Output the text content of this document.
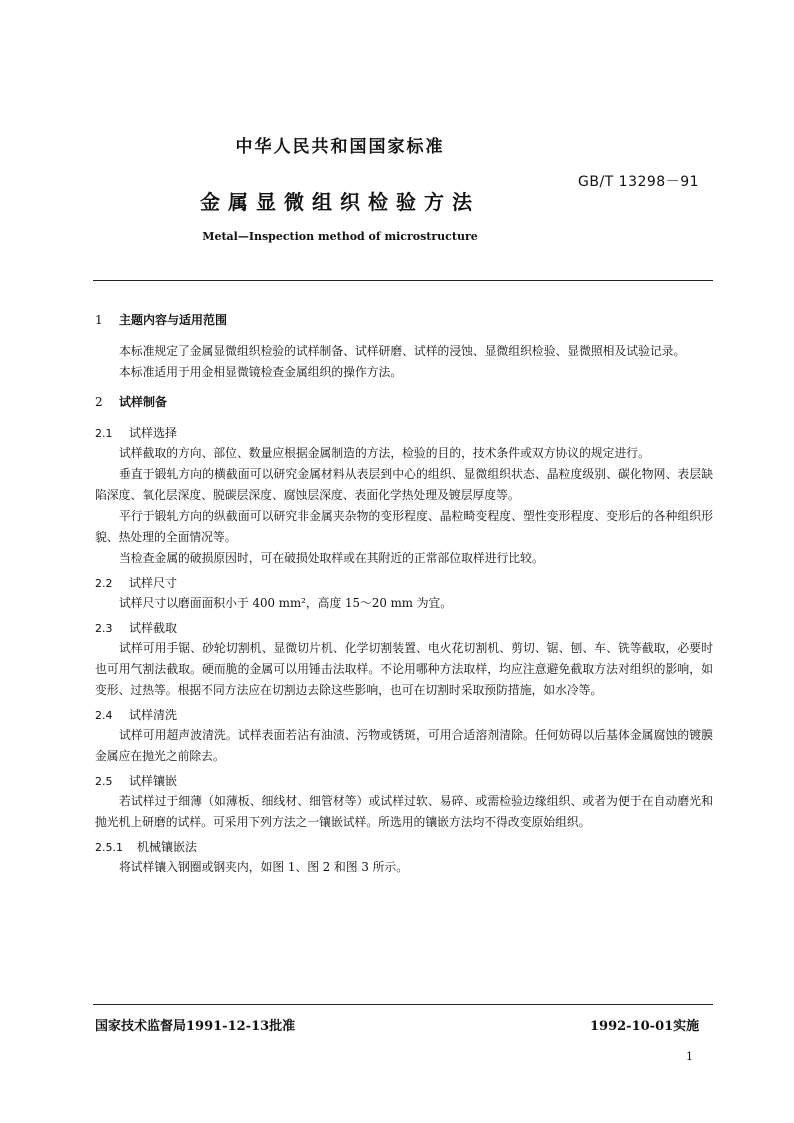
中华人民共和国国家标准
GB/T 13298－91
金属显微组织检验方法
Metal—Inspection method of microstructure
1 主题内容与适用范围
本标准规定了金属显微组织检验的试样制备、试样研磨、试样的浸蚀、显微组织检验、显微照相及试验记录。
本标准适用于用金相显微镜检查金属组织的操作方法。
2 试样制备
2.1 试样选择
试样截取的方向、部位、数量应根据金属制造的方法，检验的目的，技术条件或双方协议的规定进行。
垂直于锻轧方向的横截面可以研究金属材料从表层到中心的组织、显微组织状态、晶粒度级别、碳化物网、表层缺陷深度、氧化层深度、脱碳层深度、腐蚀层深度、表面化学热处理及镀层厚度等。
平行于锻轧方向的纵截面可以研究非金属夹杂物的变形程度、晶粒畸变程度、塑性变形程度、变形后的各种组织形貌、热处理的全面情况等。
当检查金属的破损原因时，可在破损处取样或在其附近的正常部位取样进行比较。
2.2 试样尺寸
试样尺寸以磨面面积小于 400 mm²，高度 15～20 mm 为宜。
2.3 试样截取
试样可用手锯、砂轮切割机、显微切片机、化学切割装置、电火花切割机、剪切、锯、刨、车、铣等截取，必要时也可用气割法截取。硬而脆的金属可以用锤击法取样。不论用哪种方法取样，均应注意避免截取方法对组织的影响，如变形、过热等。根据不同方法应在切割边去除这些影响，也可在切割时采取预防措施，如水冷等。
2.4 试样清洗
试样可用超声波清洗。试样表面若沾有油渍、污物或锈斑，可用合适溶剂清除。任何妨碍以后基体金属腐蚀的镀膜金属应在抛光之前除去。
2.5 试样镶嵌
若试样过于细薄（如薄板、细线材、细管材等）或试样过软、易碎、或需检验边缘组织、或者为便于在自动磨光和抛光机上研磨的试样。可采用下列方法之一镶嵌试样。所选用的镶嵌方法均不得改变原始组织。
2.5.1 机械镶嵌法
将试样镶入钢圈或钢夹内，如图 1、图 2 和图 3 所示。
国家技术监督局1991-12-13批准	1992-10-01实施
1
